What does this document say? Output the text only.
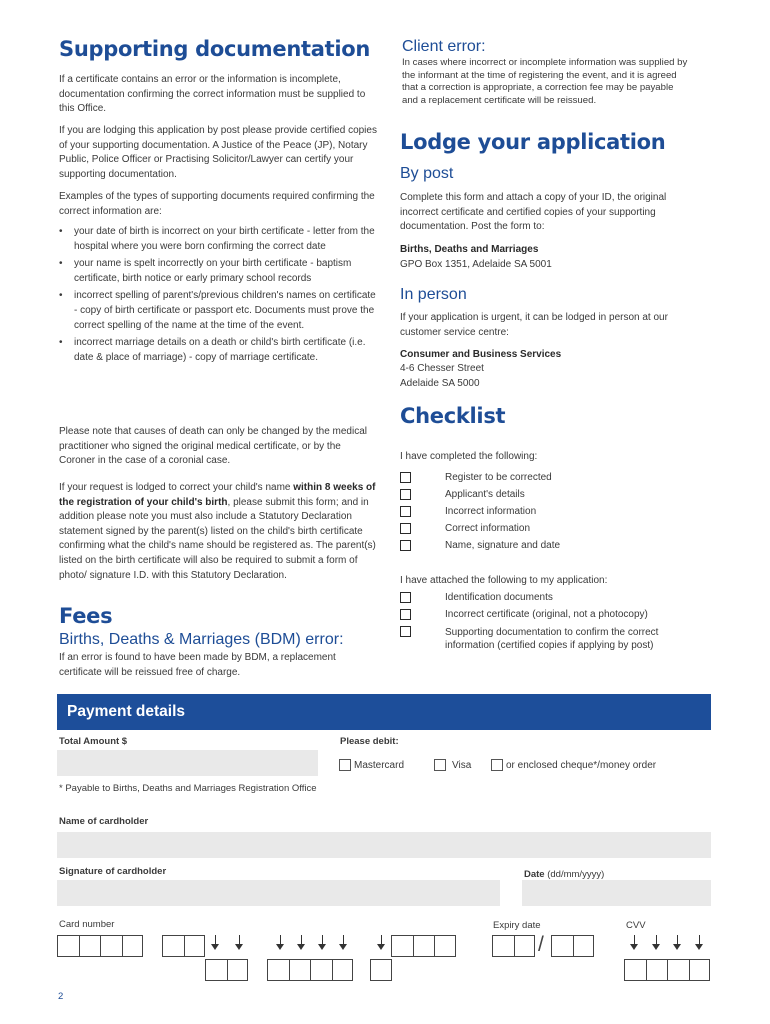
Supporting documentation
If a certificate contains an error or the information is incomplete, documentation confirming the correct information must be supplied to this Office.
If you are lodging this application by post please provide certified copies of your supporting documentation. A Justice of the Peace (JP), Notary Public, Police Officer or Practising Solicitor/Lawyer can certify your supporting documentation.
Examples of the types of supporting documents required confirming the correct information are:
• your date of birth is incorrect on your birth certificate - letter from the hospital where you were born confirming the correct date
• your name is spelt incorrectly on your birth certificate - baptism certificate, birth notice or early primary school records
• incorrect spelling of parent's/previous children's names on certificate - copy of birth certificate or passport etc. Documents must prove the correct spelling of the name at the time of the event.
• incorrect marriage details on a death or child's birth certificate (i.e. date & place of marriage) - copy of marriage certificate.
Please note that causes of death can only be changed by the medical practitioner who signed the original medical certificate, or by the Coroner in the case of a coronial case.
If your request is lodged to correct your child's name within 8 weeks of the registration of your child's birth, please submit this form; and in addition please note you must also include a Statutory Declaration statement signed by the parent(s) listed on the child's birth certificate confirming what the child's name should be registered as. The parent(s) listed on the birth certificate will also be required to submit a form of photo/ signature I.D. with this Statutory Declaration.
Fees
Births, Deaths & Marriages (BDM) error:
If an error is found to have been made by BDM, a replacement certificate will be reissued free of charge.
Client error:
In cases where incorrect or incomplete information was supplied by the informant at the time of registering the event, and it is agreed that a correction is appropriate, a correction fee may be payable and a replacement certificate will be reissued.
Lodge your application
By post
Complete this form and attach a copy of your ID, the original incorrect certificate and certified copies of your supporting documentation. Post the form to:
Births, Deaths and Marriages
GPO Box 1351, Adelaide SA 5001
In person
If your application is urgent, it can be lodged in person at our customer service centre:
Consumer and Business Services
4-6 Chesser Street
Adelaide SA 5000
Checklist
I have completed the following:
Register to be corrected
Applicant's details
Incorrect information
Correct information
Name, signature and date
I have attached the following to my application:
Identification documents
Incorrect certificate (original, not a photocopy)
Supporting documentation to confirm the correct information (certified copies if applying by post)
Payment details
Total Amount $	Please debit:
Mastercard	Visa	or enclosed cheque*/money order
* Payable to Births, Deaths and Marriages Registration Office
Name of cardholder
Signature of cardholder	Date (dd/mm/yyyy)
Card number	Expiry date	CVV
/
2
